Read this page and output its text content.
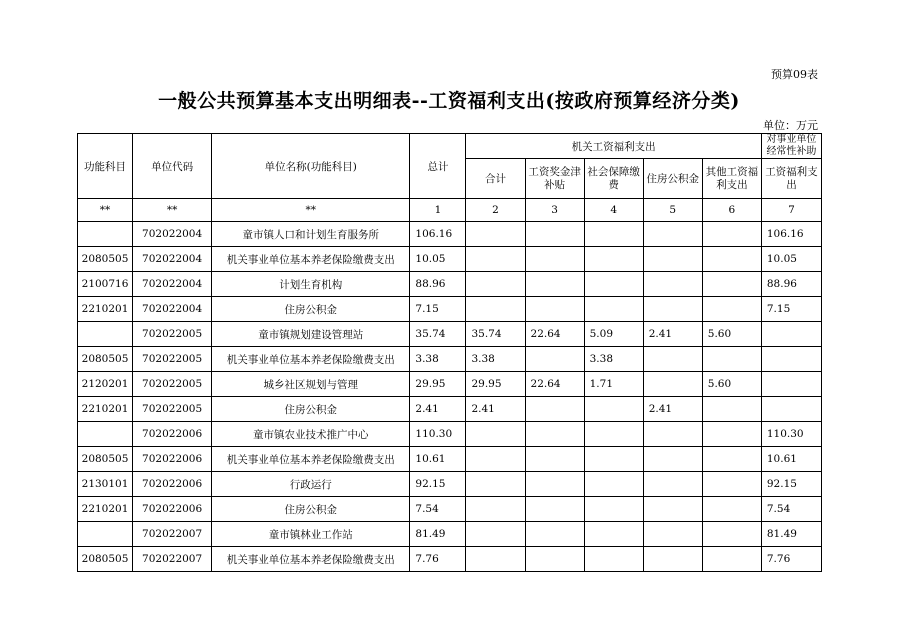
预算09表
一般公共预算基本支出明细表--工资福利支出(按政府预算经济分类)
单位：万元
功能科目	单位代码	单位名称(功能科目)	总计	机关工资福利支出					对事业单位经常性补助
				合计	工资奖金津补贴	社会保障缴费	住房公积金	其他工资福利支出	工资福利支出
**	**	**	1	2	3	4	5	6	7
	702022004	童市镇人口和计划生育服务所	106.16						106.16
2080505	702022004	机关事业单位基本养老保险缴费支出	10.05						10.05
2100716	702022004	计划生育机构	88.96						88.96
2210201	702022004	住房公积金	7.15						7.15
	702022005	童市镇规划建设管理站	35.74	35.74	22.64	5.09	2.41	5.60	
2080505	702022005	机关事业单位基本养老保险缴费支出	3.38	3.38		3.38			
2120201	702022005	城乡社区规划与管理	29.95	29.95	22.64	1.71		5.60	
2210201	702022005	住房公积金	2.41	2.41			2.41		
	702022006	童市镇农业技术推广中心	110.30						110.30
2080505	702022006	机关事业单位基本养老保险缴费支出	10.61						10.61
2130101	702022006	行政运行	92.15						92.15
2210201	702022006	住房公积金	7.54						7.54
	702022007	童市镇林业工作站	81.49						81.49
2080505	702022007	机关事业单位基本养老保险缴费支出	7.76						7.76
